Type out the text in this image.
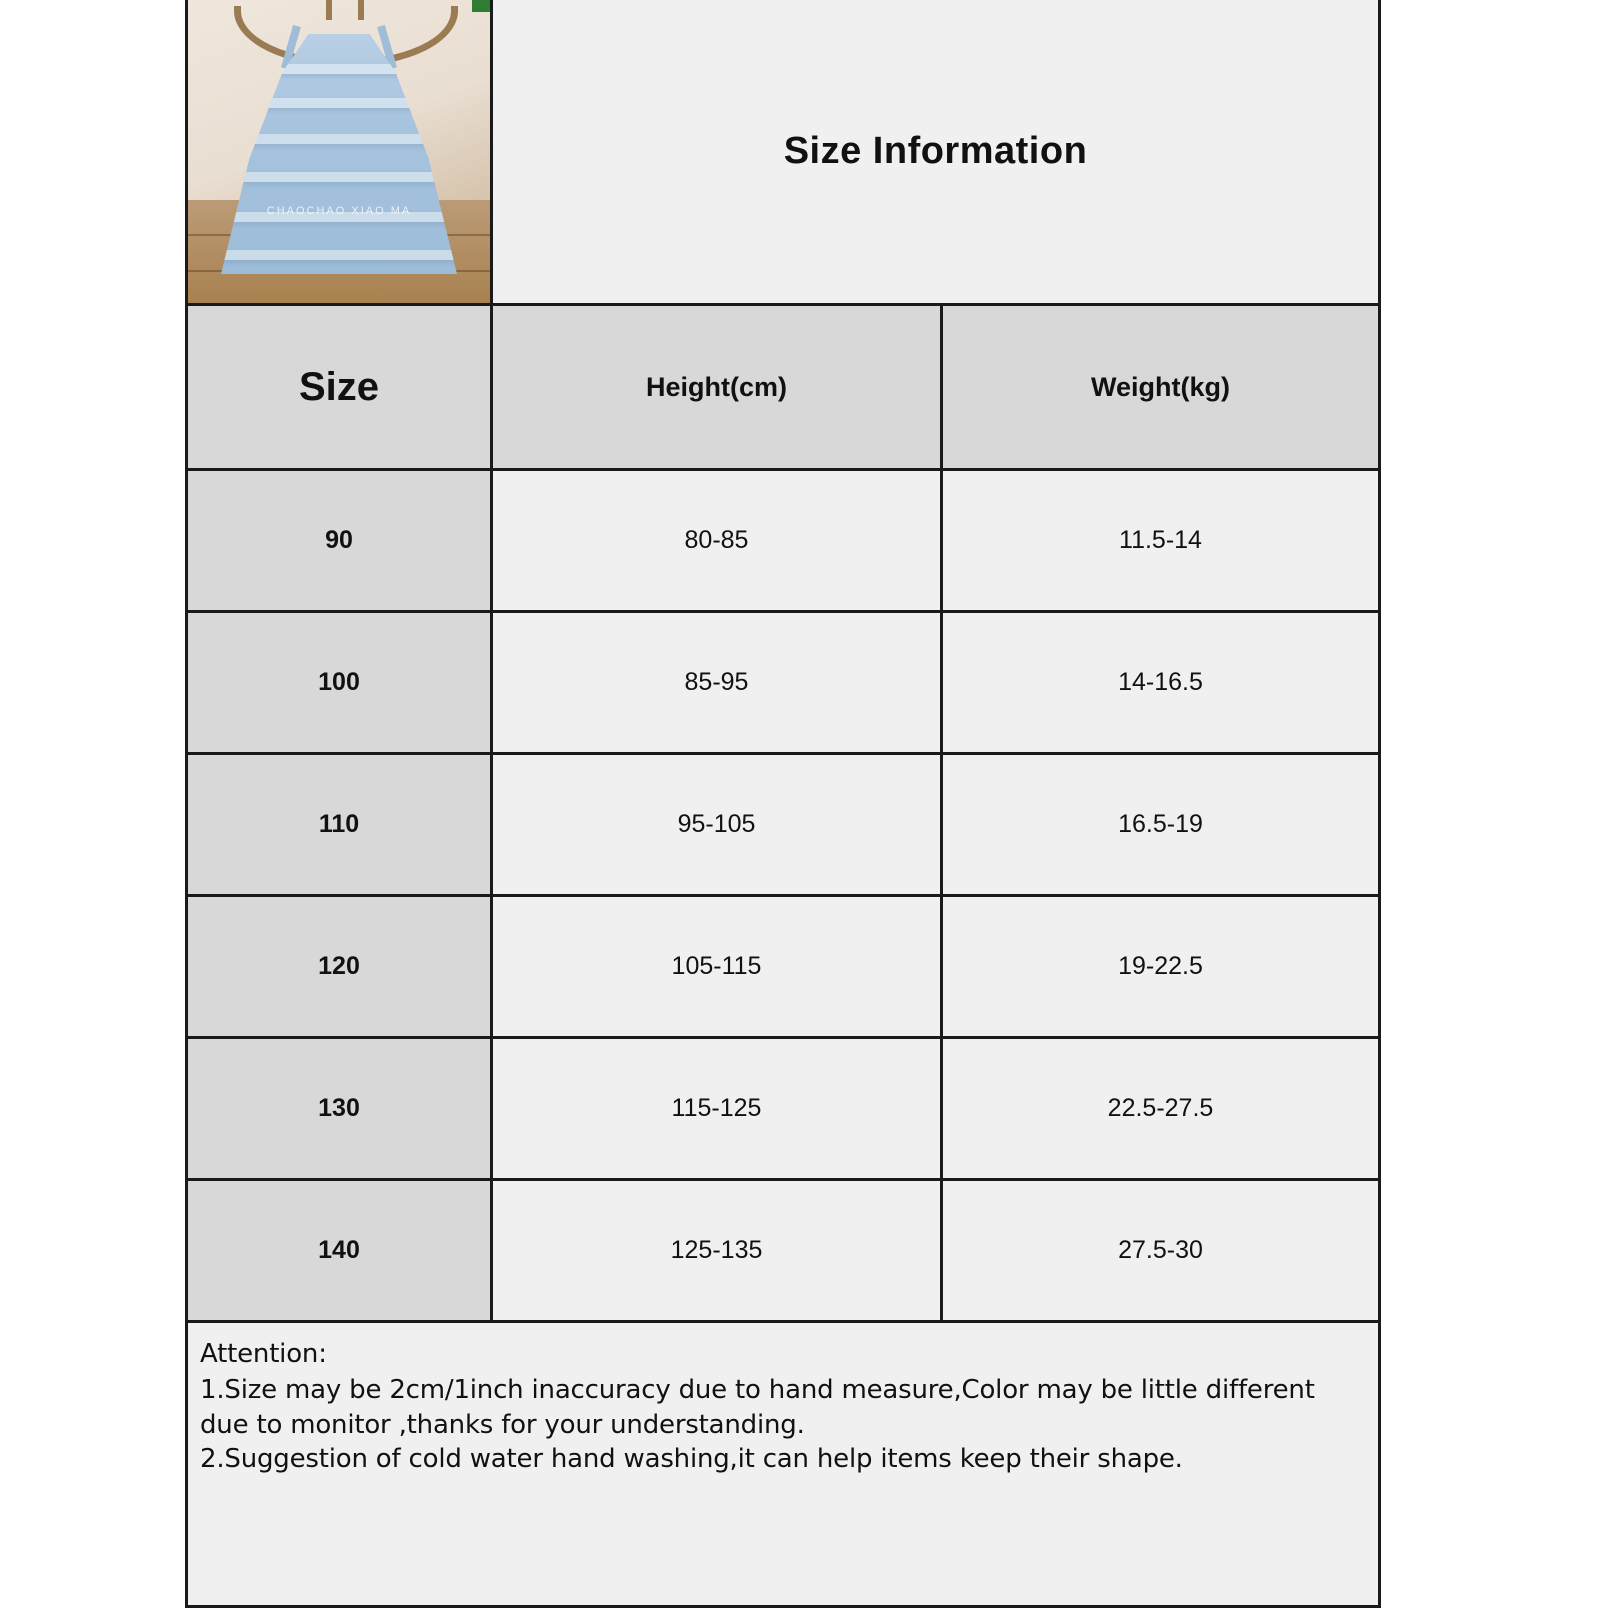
CHAOCHAO XIAO MA
Size Information
Size	Height(cm)	Weight(kg)
90	80-85	11.5-14
100	85-95	14-16.5
110	95-105	16.5-19
120	105-115	19-22.5
130	115-125	22.5-27.5
140	125-135	27.5-30

Attention:

1.Size may be 2cm/1inch inaccuracy due to hand measure,Color may be little different due to monitor ,thanks for your understanding.

2.Suggestion of cold water hand washing,it can help items keep their shape.
